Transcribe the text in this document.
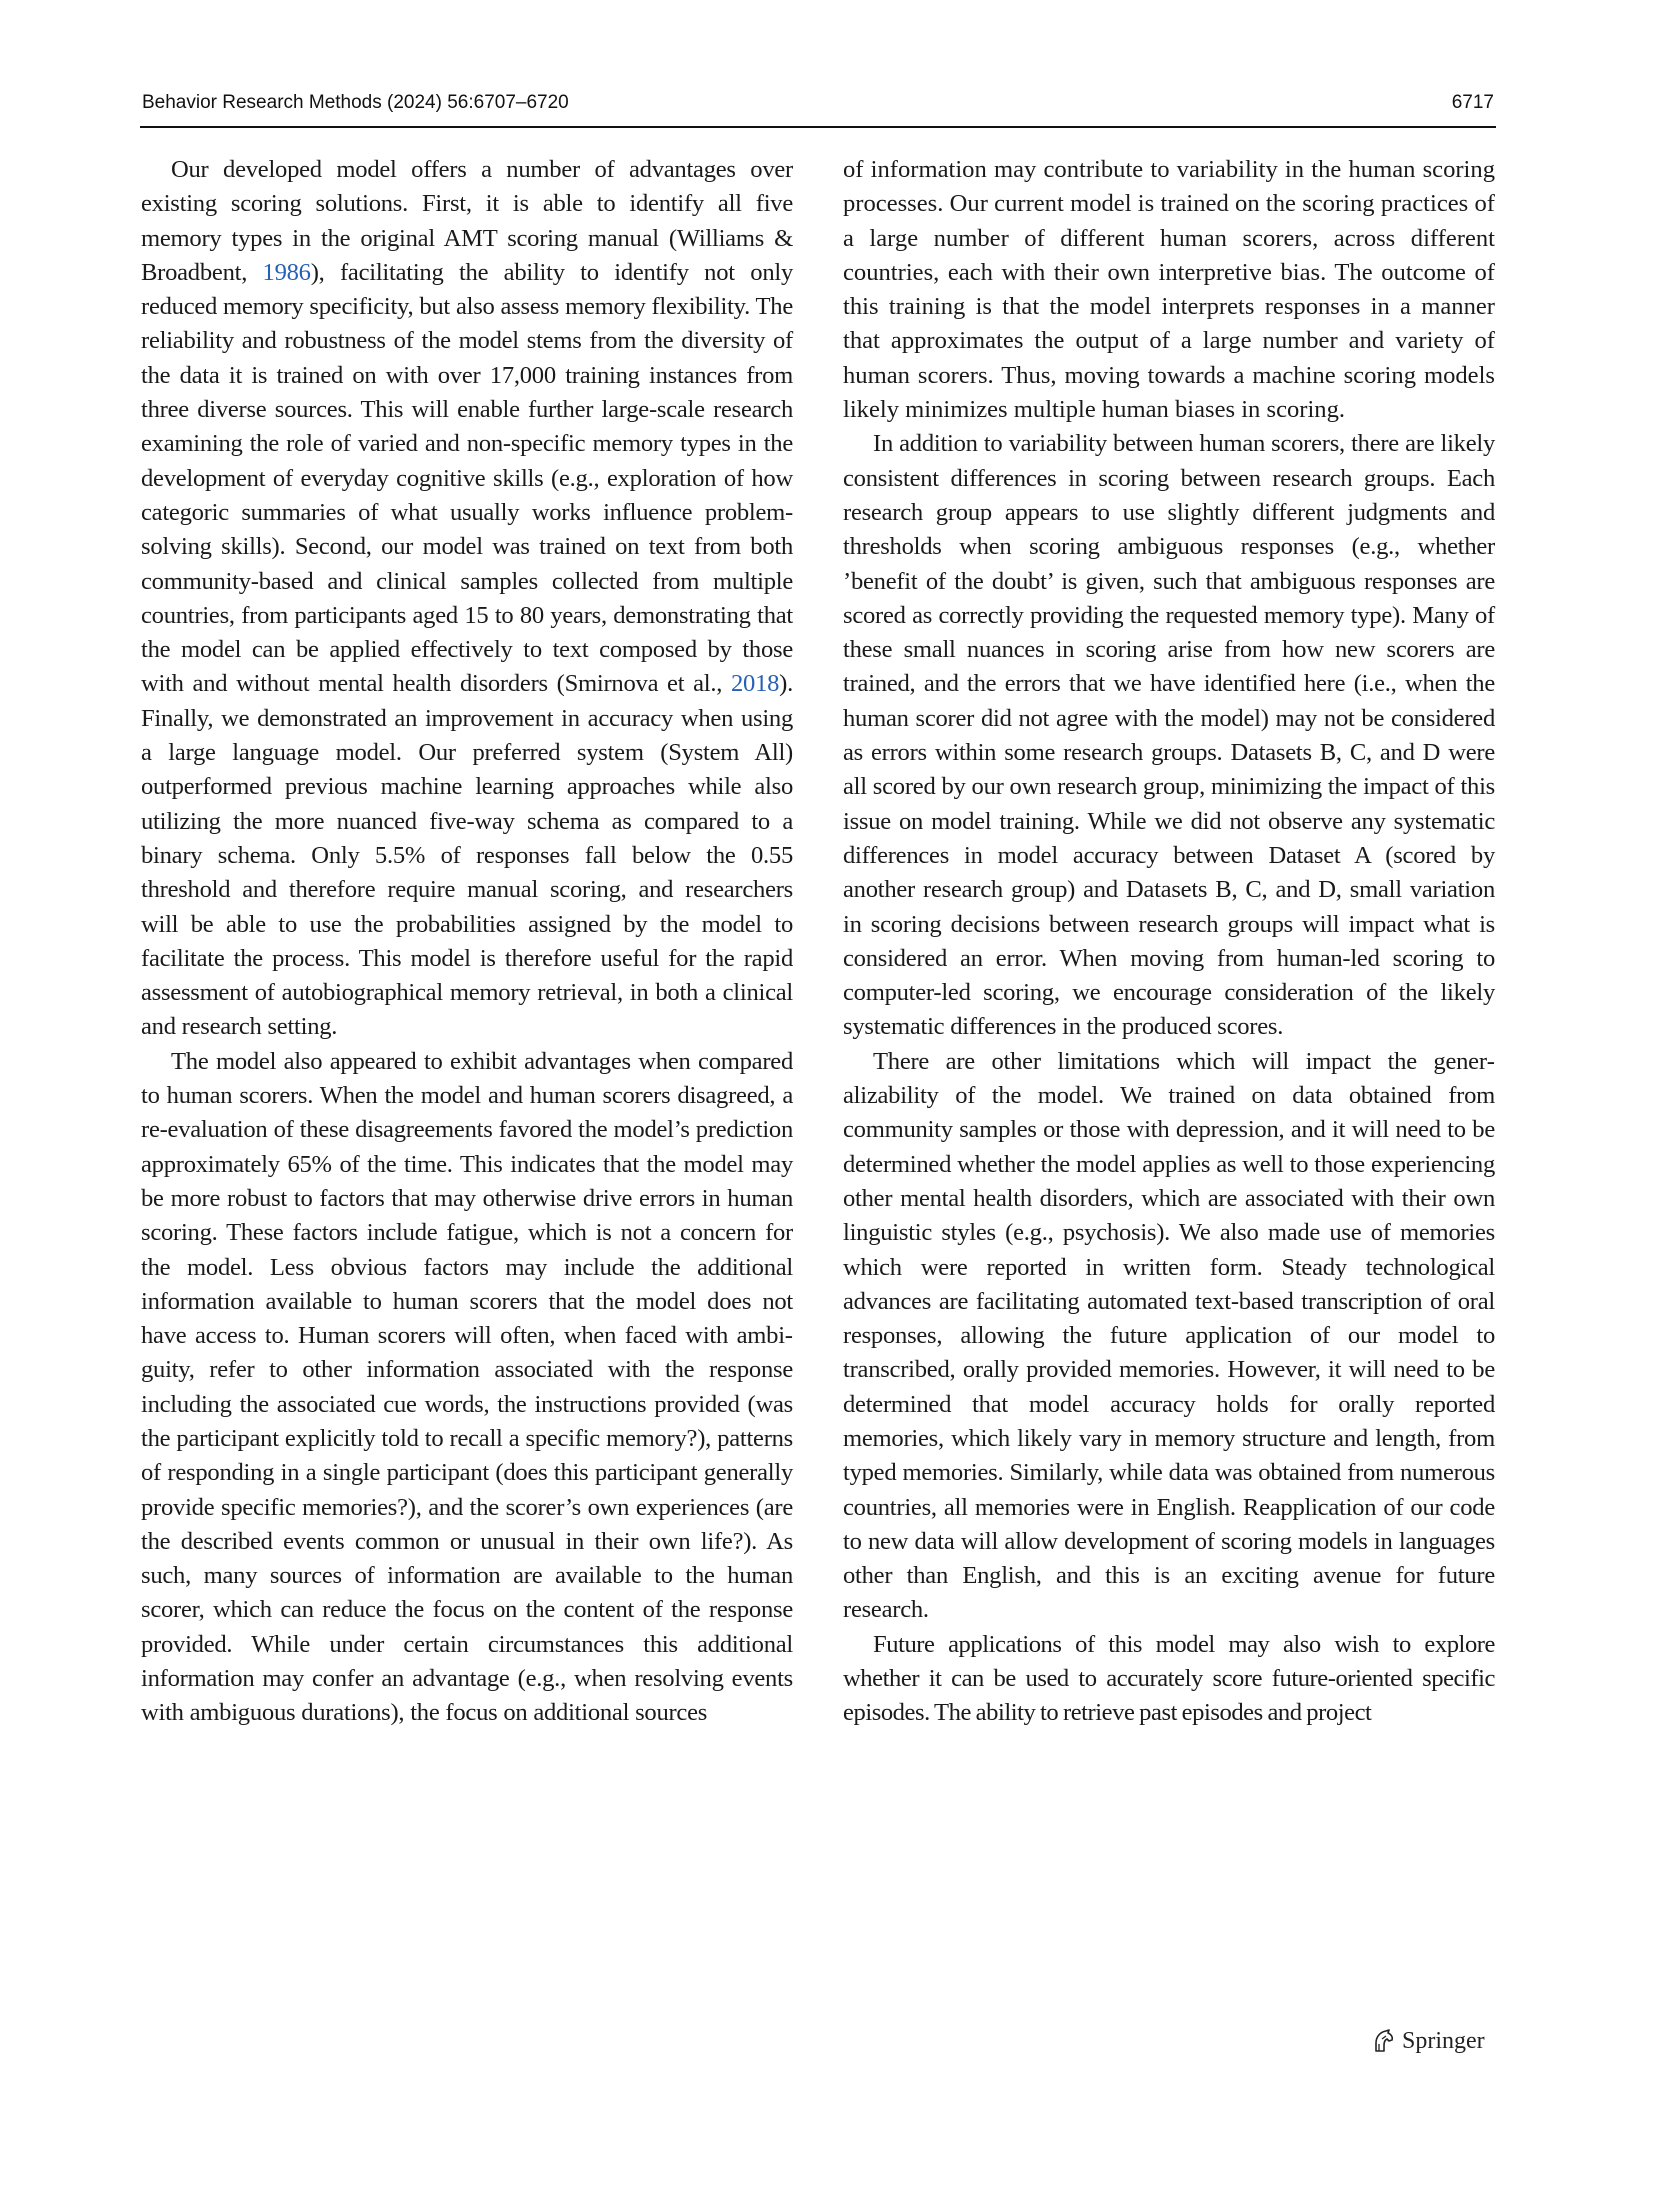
Behavior Research Methods (2024) 56:6707–6720	6717

Our developed model offers a number of advantages over existing scoring solutions. First, it is able to identify all five memory types in the original AMT scoring manual (Williams & Broadbent, 1986), facilitating the ability to identify not only reduced memory specificity, but also assess memory flexibility. The reliability and robustness of the model stems from the diversity of the data it is trained on with over 17,000 training instances from three diverse sources. This will enable further large-scale research examining the role of varied and non-specific memory types in the development of everyday cognitive skills (e.g., exploration of how categoric summaries of what usually works influence problem-solving skills). Second, our model was trained on text from both community-based and clinical samples collected from multiple countries, from participants aged 15 to 80 years, demonstrating that the model can be applied effectively to text composed by those with and without mental health disorders (Smirnova et al., 2018). Finally, we demonstrated an improvement in accuracy when using a large language model. Our preferred system (System All) outperformed previous machine learning approaches while also utilizing the more nuanced five-way schema as compared to a binary schema. Only 5.5% of responses fall below the 0.55 threshold and therefore require manual scoring, and researchers will be able to use the probabilities assigned by the model to facilitate the process. This model is therefore useful for the rapid assessment of autobiographical memory retrieval, in both a clinical and research setting.

The model also appeared to exhibit advantages when compared to human scorers. When the model and human scorers disagreed, a re-evaluation of these disagreements favored the model’s prediction approximately 65% of the time. This indicates that the model may be more robust to factors that may otherwise drive errors in human scoring. These factors include fatigue, which is not a concern for the model. Less obvious factors may include the additional information available to human scorers that the model does not have access to. Human scorers will often, when faced with ambiguity, refer to other information associated with the response including the associated cue words, the instructions provided (was the participant explicitly told to recall a specific memory?), patterns of responding in a single participant (does this participant generally provide specific memories?), and the scorer’s own experiences (are the described events common or unusual in their own life?). As such, many sources of information are available to the human scorer, which can reduce the focus on the content of the response provided. While under certain circumstances this additional information may confer an advantage (e.g., when resolving events with ambiguous durations), the focus on additional sources

of information may contribute to variability in the human scoring processes. Our current model is trained on the scoring practices of a large number of different human scorers, across different countries, each with their own interpretive bias. The outcome of this training is that the model interprets responses in a manner that approximates the output of a large number and variety of human scorers. Thus, moving towards a machine scoring models likely minimizes multiple human biases in scoring.

In addition to variability between human scorers, there are likely consistent differences in scoring between research groups. Each research group appears to use slightly different judgments and thresholds when scoring ambiguous responses (e.g., whether ’benefit of the doubt’ is given, such that ambiguous responses are scored as correctly providing the requested memory type). Many of these small nuances in scoring arise from how new scorers are trained, and the errors that we have identified here (i.e., when the human scorer did not agree with the model) may not be considered as errors within some research groups. Datasets B, C, and D were all scored by our own research group, minimizing the impact of this issue on model training. While we did not observe any systematic differences in model accuracy between Dataset A (scored by another research group) and Datasets B, C, and D, small variation in scoring decisions between research groups will impact what is considered an error. When moving from human-led scoring to computer-led scoring, we encourage consideration of the likely systematic differences in the produced scores.

There are other limitations which will impact the generalizability of the model. We trained on data obtained from community samples or those with depression, and it will need to be determined whether the model applies as well to those experiencing other mental health disorders, which are associated with their own linguistic styles (e.g., psychosis). We also made use of memories which were reported in written form. Steady technological advances are facilitating automated text-based transcription of oral responses, allowing the future application of our model to transcribed, orally provided memories. However, it will need to be determined that model accuracy holds for orally reported memories, which likely vary in memory structure and length, from typed memories. Similarly, while data was obtained from numerous countries, all memories were in English. Reapplication of our code to new data will allow development of scoring models in languages other than English, and this is an exciting avenue for future research.

Future applications of this model may also wish to explore whether it can be used to accurately score future-oriented specific episodes. The ability to retrieve past episodes and project

Springer
